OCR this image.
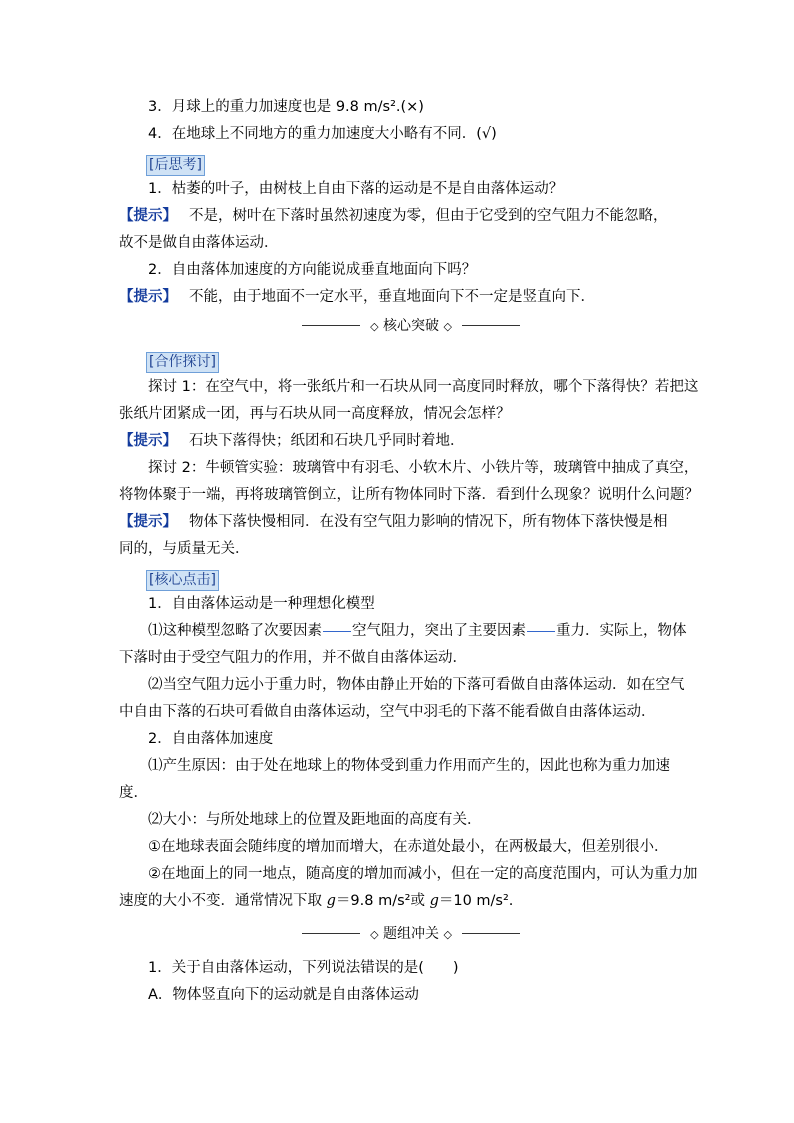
3．月球上的重力加速度也是 9.8 m/s².(×)
4．在地球上不同地方的重力加速度大小略有不同．(√)
[后思考]
1．枯萎的叶子，由树枝上自由下落的运动是不是自由落体运动？
【提示】 不是，树叶在下落时虽然初速度为零，但由于它受到的空气阻力不能忽略，
故不是做自由落体运动．
2．自由落体加速度的方向能说成垂直地面向下吗？
【提示】 不能，由于地面不一定水平，垂直地面向下不一定是竖直向下．
◇ 核心突破 ◇
[合作探讨]
探讨 1：在空气中，将一张纸片和一石块从同一高度同时释放，哪个下落得快？若把这
张纸片团紧成一团，再与石块从同一高度释放，情况会怎样？
【提示】 石块下落得快；纸团和石块几乎同时着地．
探讨 2：牛顿管实验：玻璃管中有羽毛、小软木片、小铁片等，玻璃管中抽成了真空，
将物体聚于一端，再将玻璃管倒立，让所有物体同时下落．看到什么现象？说明什么问题？
【提示】 物体下落快慢相同．在没有空气阻力影响的情况下，所有物体下落快慢是相
同的，与质量无关．
[核心点击]
1．自由落体运动是一种理想化模型
⑴这种模型忽略了次要因素 空气阻力，突出了主要因素 重力．实际上，物体
下落时由于受空气阻力的作用，并不做自由落体运动．
⑵当空气阻力远小于重力时，物体由静止开始的下落可看做自由落体运动．如在空气
中自由下落的石块可看做自由落体运动，空气中羽毛的下落不能看做自由落体运动．
2．自由落体加速度
⑴产生原因：由于处在地球上的物体受到重力作用而产生的，因此也称为重力加速
度．
⑵大小：与所处地球上的位置及距地面的高度有关．
①在地球表面会随纬度的增加而增大，在赤道处最小，在两极最大，但差别很小．
②在地面上的同一地点，随高度的增加而减小，但在一定的高度范围内，可认为重力加
速度的大小不变．通常情况下取 g＝9.8 m/s²或 g＝10 m/s².
◇ 题组冲关 ◇
1．关于自由落体运动，下列说法错误的是(　　)
A．物体竖直向下的运动就是自由落体运动
